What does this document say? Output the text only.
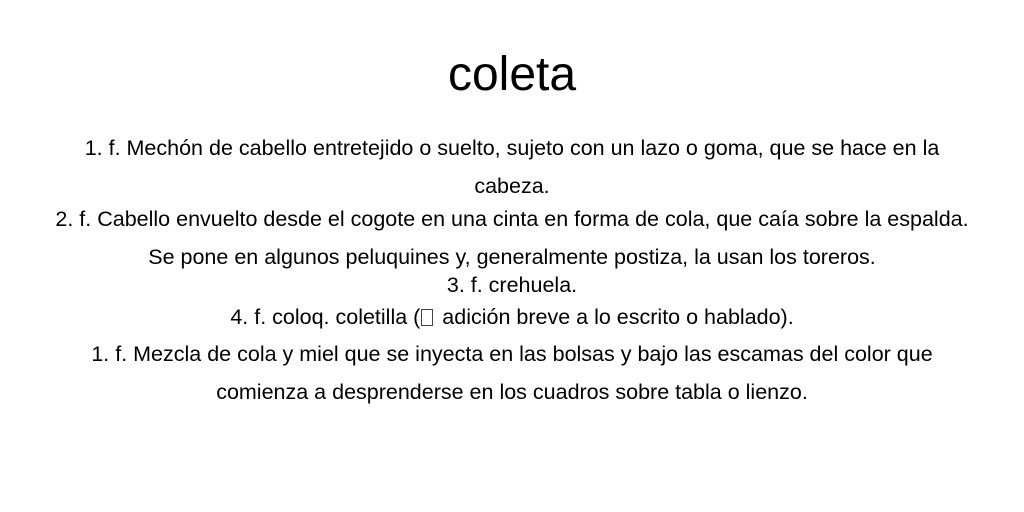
coleta

1. f. Mechón de cabello entretejido o suelto, sujeto con un lazo o goma, que se hace en la cabeza.

2. f. Cabello envuelto desde el cogote en una cinta en forma de cola, que caía sobre la espalda. Se pone en algunos peluquines y, generalmente postiza, la usan los toreros.

3. f. crehuela.

4. f. coloq. coletilla ( adición breve a lo escrito o hablado).

1. f. Mezcla de cola y miel que se inyecta en las bolsas y bajo las escamas del color que comienza a desprenderse en los cuadros sobre tabla o lienzo.
